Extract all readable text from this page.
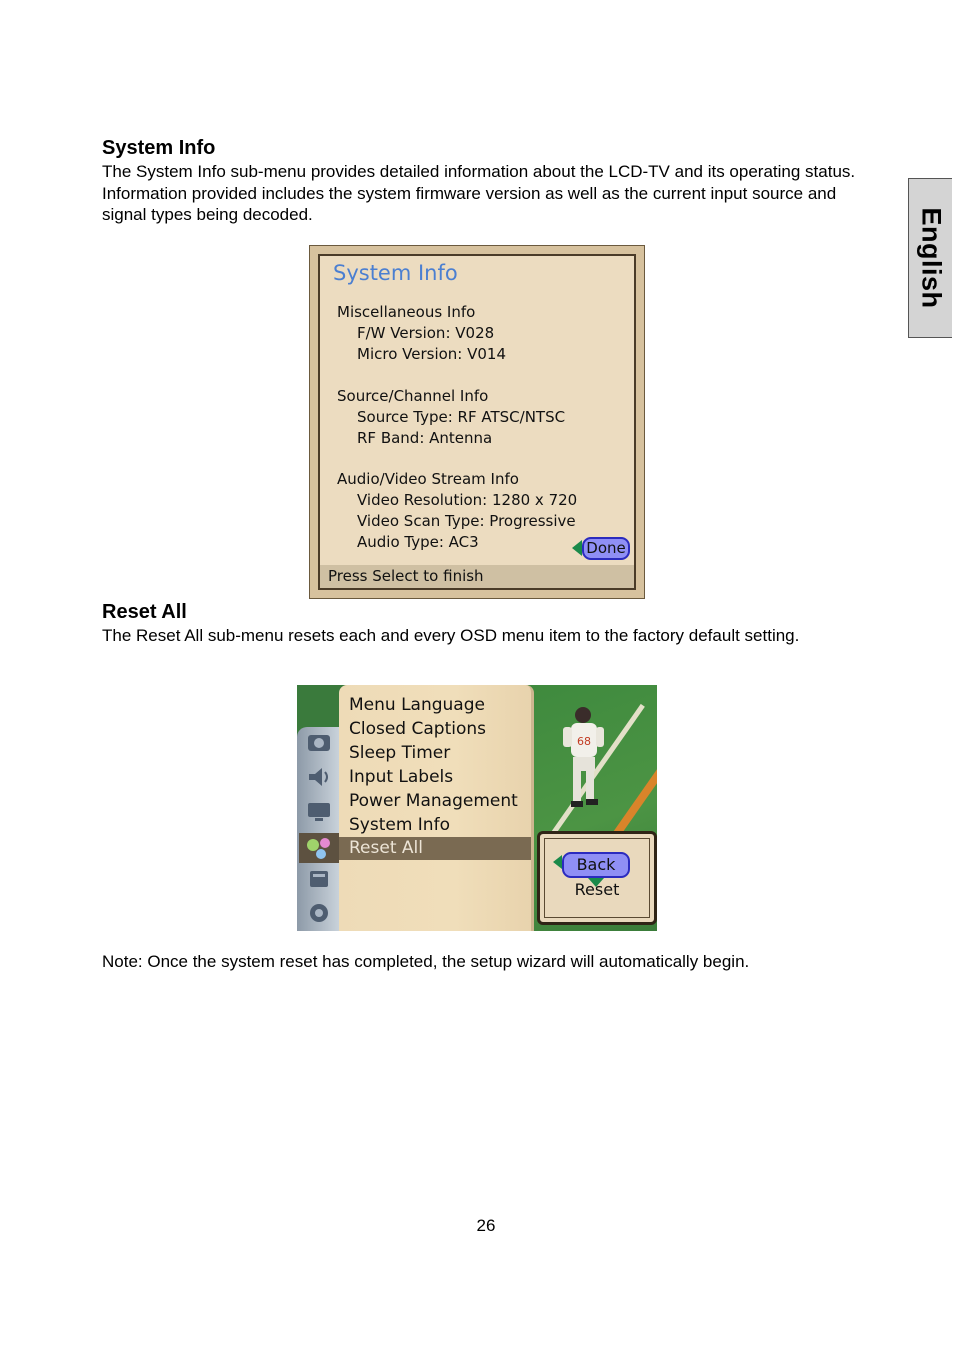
English
System Info

The System Info sub-menu provides detailed information about the LCD-TV and its operating status. Information provided includes the system firmware version as well as the current input source and signal types being decoded.

System Info
Miscellaneous Info
F/W Version: V028
Micro Version: V014
Source/Channel Info
Source Type: RF ATSC/NTSC
RF Band: Antenna
Audio/Video Stream Info
Video Resolution: 1280 x 720
Video Scan Type: Progressive
Audio Type: AC3	Done
Press Select to finish
Reset All

The Reset All sub-menu resets each and every OSD menu item to the factory default setting.

68
Menu Language
Closed Captions
Sleep Timer
Input Labels
Power Management
System Info
Reset All
Back
Reset

Note: Once the system reset has completed, the setup wizard will automatically begin.

26
